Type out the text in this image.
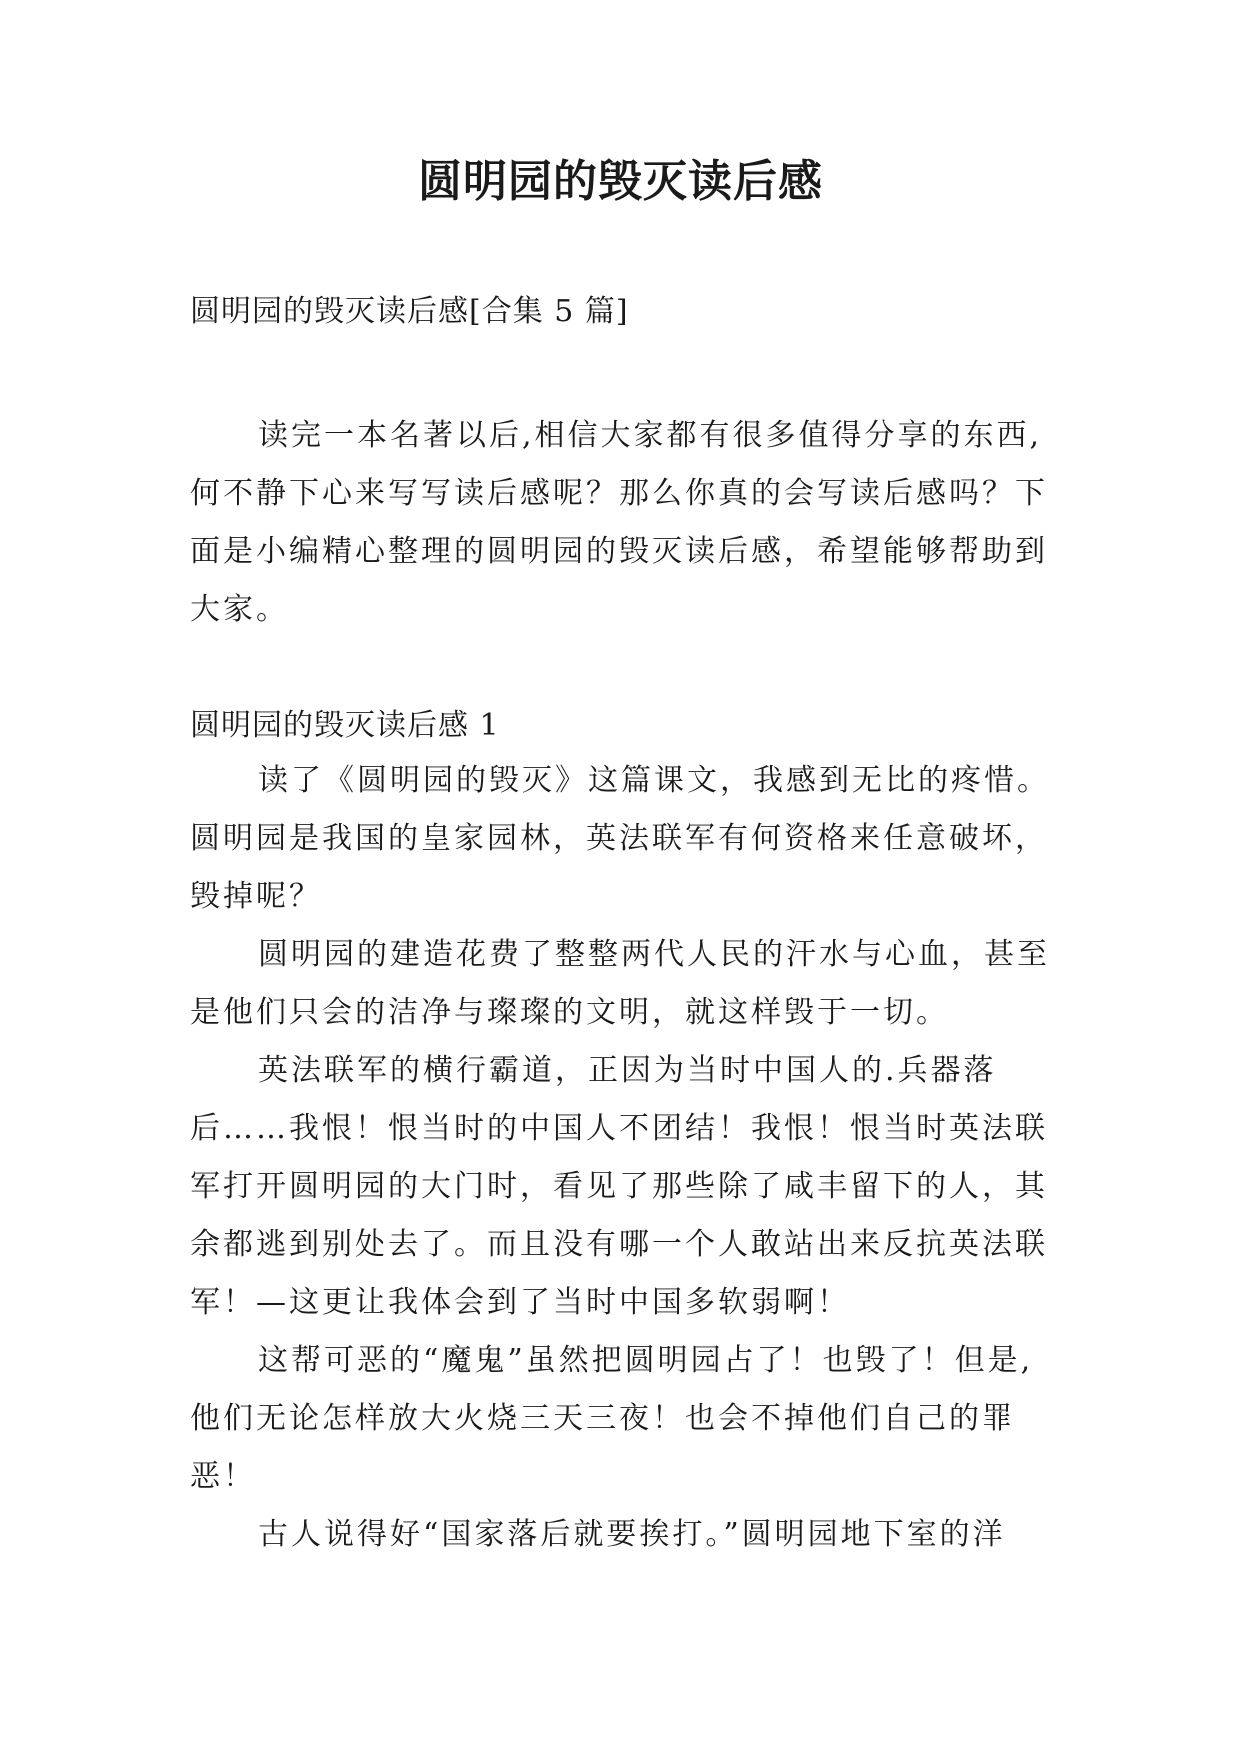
圆明园的毁灭读后感
圆明园的毁灭读后感[合集 5 篇]

读完一本名著以后,相信大家都有很多值得分享的东西,何不静下心来写写读后感呢？那么你真的会写读后感吗？下面是小编精心整理的圆明园的毁灭读后感，希望能够帮助到大家。

圆明园的毁灭读后感 1

读了《圆明园的毁灭》这篇课文，我感到无比的疼惜。圆明园是我国的皇家园林，英法联军有何资格来任意破坏，毁掉呢？

圆明园的建造花费了整整两代人民的汗水与心血，甚至是他们只会的洁净与璨璨的文明，就这样毁于一切。

英法联军的横行霸道，正因为当时中国人的.兵器落后……我恨！恨当时的中国人不团结！我恨！恨当时英法联军打开圆明园的大门时，看见了那些除了咸丰留下的人，其余都逃到别处去了。而且没有哪一个人敢站出来反抗英法联军！—这更让我体会到了当时中国多软弱啊！

这帮可恶的“魔鬼”虽然把圆明园占了！也毁了！但是,他们无论怎样放大火烧三天三夜！也会不掉他们自己的罪恶！

古人说得好“国家落后就要挨打。”圆明园地下室的洋
